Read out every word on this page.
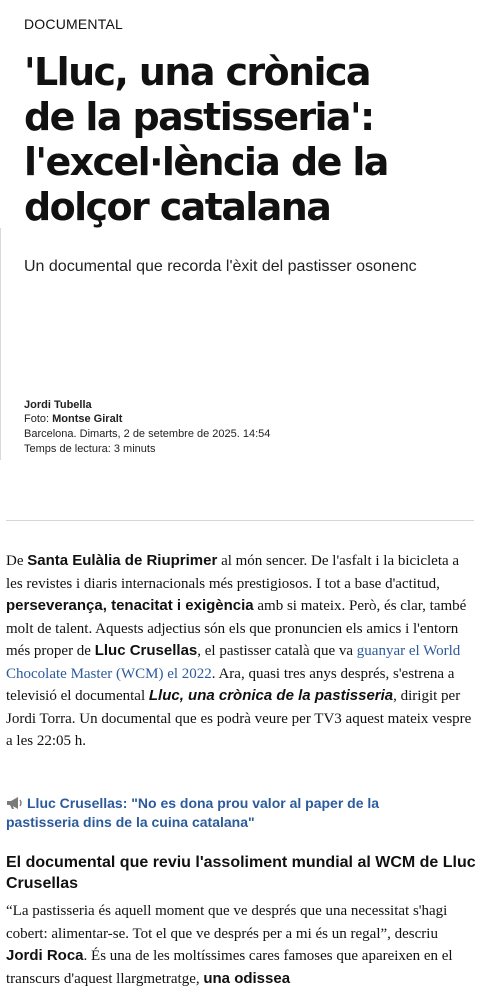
DOCUMENTAL
'Lluc, una crònica
de la pastisseria':
l'excel·lència de la
dolçor catalana
Un documental que recorda l'èxit del pastisser osonenc
Jordi Tubella
Foto: Montse Giralt
Barcelona. Dimarts, 2 de setembre de 2025. 14:54
Temps de lectura: 3 minuts
De Santa Eulàlia de Riuprimer al món sencer. De l'asfalt i la bicicleta a les revistes i diaris internacionals més prestigiosos. I tot a base d'actitud, perseverança, tenacitat i exigència amb si mateix. Però, és clar, també molt de talent. Aquests adjectius són els que pronuncien els amics i l'entorn més proper de Lluc Crusellas, el pastisser català que va guanyar el World Chocolate Master (WCM) el 2022. Ara, quasi tres anys després, s'estrena a televisió el documental Lluc, una crònica de la pastisseria, dirigit per Jordi Torra. Un documental que es podrà veure per TV3 aquest mateix vespre a les 22:05 h.
Lluc Crusellas: "No es dona prou valor al paper de la pastisseria dins de la cuina catalana"
El documental que reviu l'assoliment mundial al WCM de Lluc Crusellas
“La pastisseria és aquell moment que ve després que una necessitat s'hagi cobert: alimentar-se. Tot el que ve després per a mi és un regal”, descriu Jordi Roca. És una de les moltíssimes cares famoses que apareixen en el transcurs d'aquest llargmetratge, una odissea
